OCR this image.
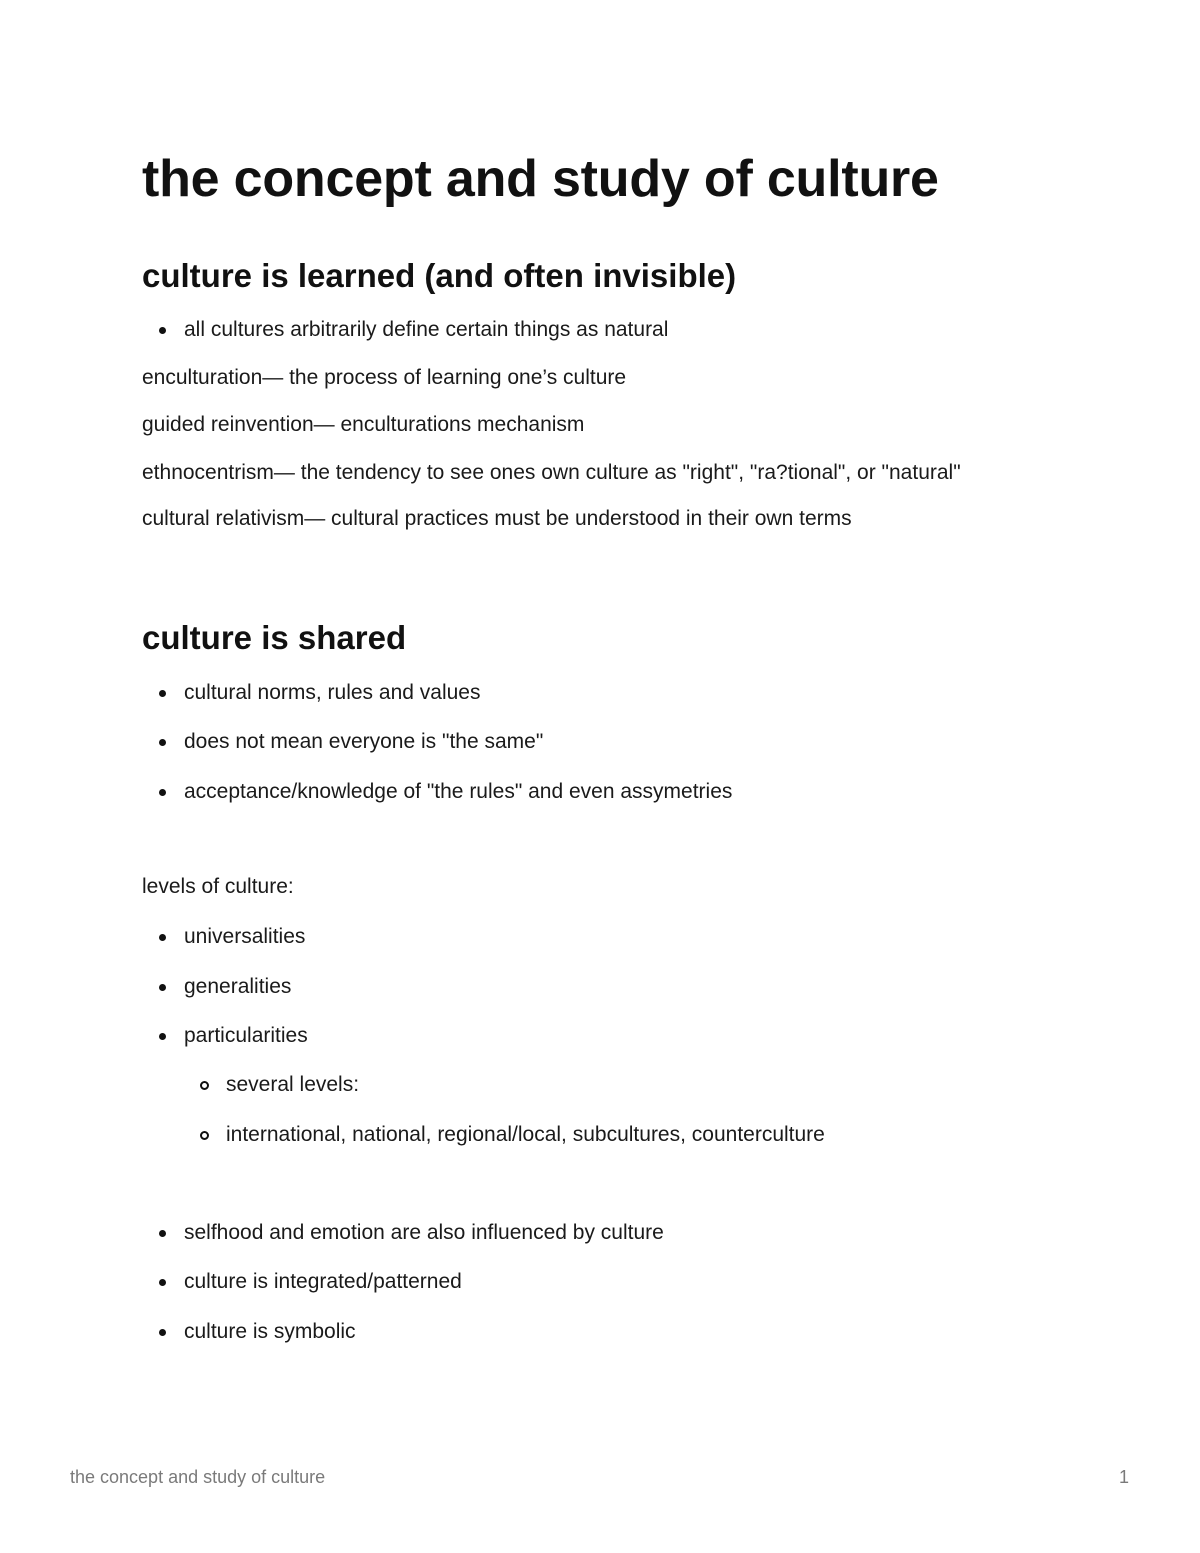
the concept and study of culture
culture is learned (and often invisible)
all cultures arbitrarily define certain things as natural
enculturation— the process of learning one’s culture
guided reinvention— enculturations mechanism
ethnocentrism— the tendency to see ones own culture as "right", "ra?tional", or "natural"
cultural relativism— cultural practices must be understood in their own terms
culture is shared
cultural norms, rules and values
does not mean everyone is "the same"
acceptance/knowledge of "the rules" and even assymetries
levels of culture:
universalities
generalities
particularities
several levels:
international, national, regional/local, subcultures, counterculture
selfhood and emotion are also influenced by culture
culture is integrated/patterned
culture is symbolic
the concept and study of culture	1
